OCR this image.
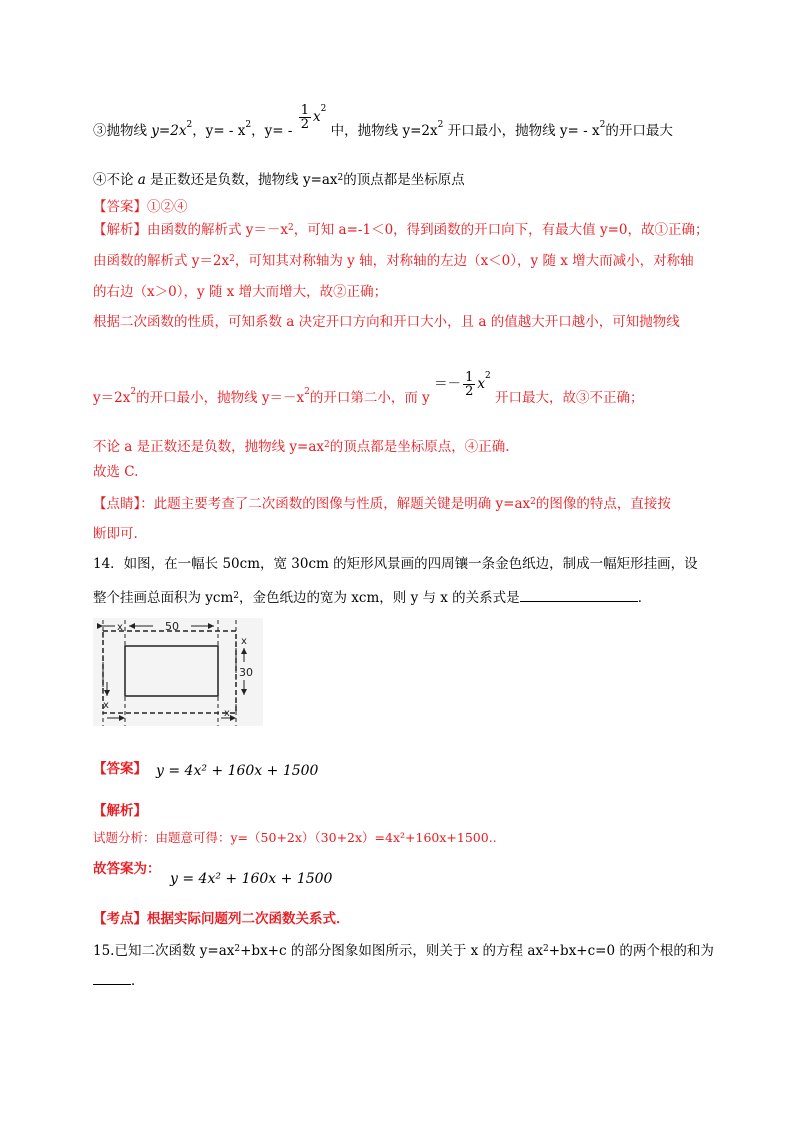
③抛物线 $y=2x^2$，$y= - x^2$，$y= - \frac{1}{2} x^2$ 中，抛物线 $y=2x^2$ 开口最小，抛物线 $y= - x^2$的开口最大
④不论 a 是正数还是负数，抛物线 $y=ax^2$的顶点都是坐标原点
【答案】①②④
【解析】由函数的解析式 $y=-x^2$，可知 a=-1＜0，得到函数的开口向下，有最大值 y=0，故①正确；
由函数的解析式 $y=2x^2$，可知其对称轴为 y 轴，对称轴的左边（x＜0），y 随 x 增大而减小，对称轴
的右边（x＞0），y 随 x 增大而增大，故②正确；
根据二次函数的性质，可知系数 a 决定开口方向和开口大小，且 a 的值越大开口越小，可知抛物线
$y=2x^2$的开口最小，抛物线 $y=-x^2$的开口第二小，而 $y =- \frac{1}{2} x^2$ 开口最大，故③不正确；
不论 a 是正数还是负数，抛物线 $y=ax^2$的顶点都是坐标原点，④正确.
故选 C.
【点睛】：此题主要考查了二次函数的图像与性质，解题关键是明确 $y=ax^2$的图像的特点，直接按
断即可.
14．如图，在一幅长 50cm，宽 30cm 的矩形风景画的四周镶一条金色纸边，制成一幅矩形挂画，设
整个挂画总面积为 ycm$^2$，金色纸边的宽为 xcm，则 y 与 x 的关系式是	．
x	50
x
30
x
x
【答案】 y = 4x² + 160x + 1500
【解析】
试题分析：由题意可得：y=（50+2x）（30+2x）=4x²+160x+1500..
故答案为：
y = 4x² + 160x + 1500
【考点】根据实际问题列二次函数关系式．
15.已知二次函数 $y=ax^2+bx+c$ 的部分图象如图所示，则关于 x 的方程 $ax^2+bx+c=0$ 的两个根的和为
．
